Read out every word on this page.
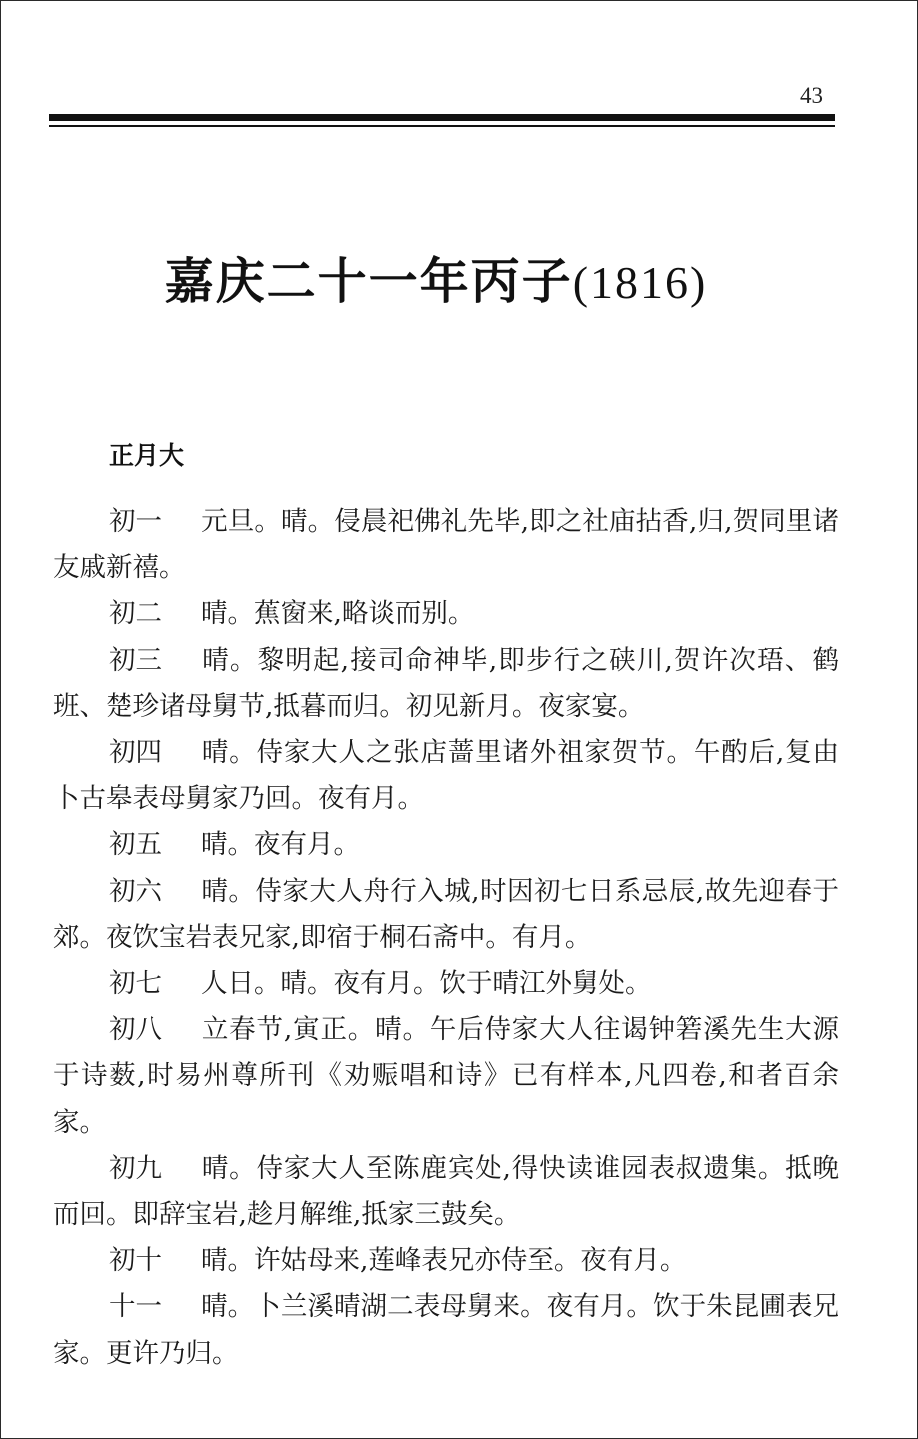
43
嘉庆二十一年丙子(1816)
正月大

初一 元旦。晴。侵晨祀佛礼先毕,即之社庙拈香,归,贺同里诸友戚新禧。

初二 晴。蕉窗来,略谈而别。

初三 晴。黎明起,接司命神毕,即步行之硖川,贺许次珸、鹤班、楚珍诸母舅节,抵暮而归。初见新月。夜家宴。

初四 晴。侍家大人之张店蔷里诸外祖家贺节。午酌后,复由卜古皋表母舅家乃回。夜有月。

初五 晴。夜有月。

初六 晴。侍家大人舟行入城,时因初七日系忌辰,故先迎春于郊。夜饮宝岩表兄家,即宿于桐石斋中。有月。

初七 人日。晴。夜有月。饮于晴江外舅处。

初八 立春节,寅正。晴。午后侍家大人往谒钟箬溪先生大源于诗薮,时易州尊所刊《劝赈唱和诗》已有样本,凡四卷,和者百余家。

初九 晴。侍家大人至陈鹿宾处,得快读谁园表叔遗集。抵晚而回。即辞宝岩,趁月解维,抵家三鼓矣。

初十 晴。许姑母来,莲峰表兄亦侍至。夜有月。

十一 晴。卜兰溪晴湖二表母舅来。夜有月。饮于朱昆圃表兄家。更许乃归。
